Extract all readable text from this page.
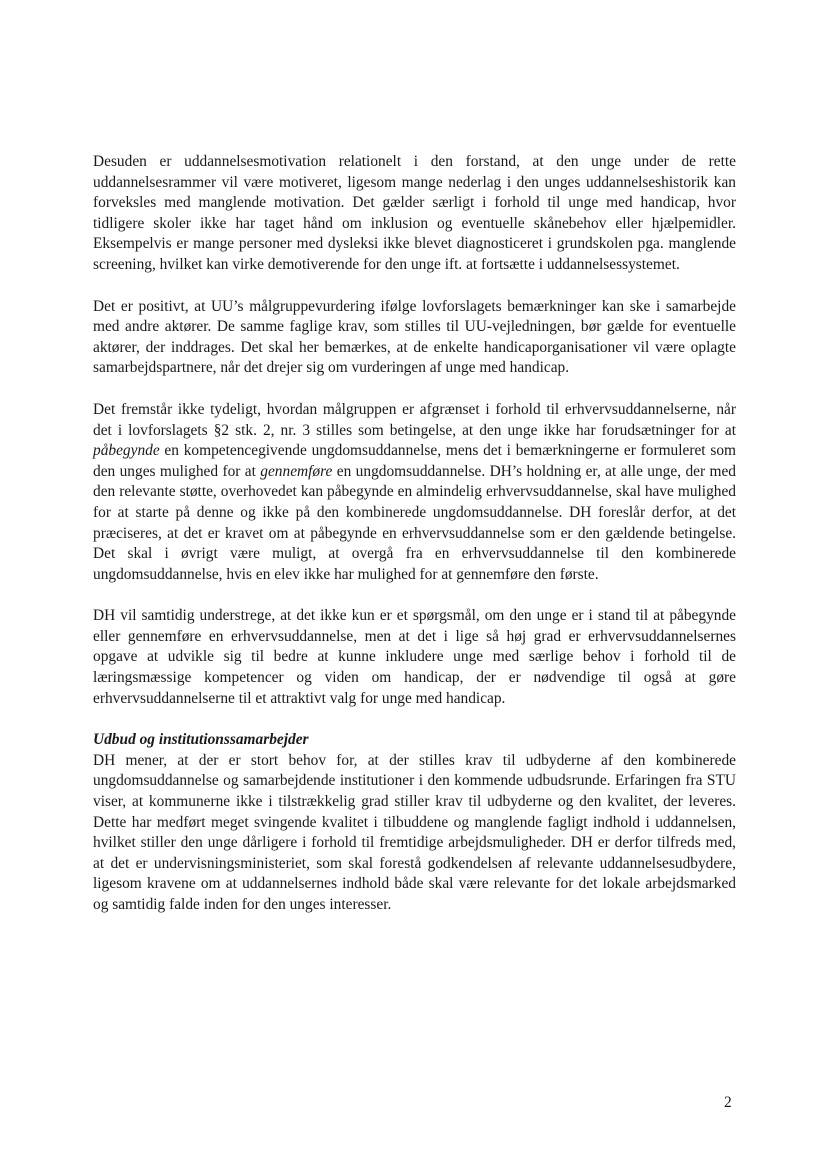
Desuden er uddannelsesmotivation relationelt i den forstand, at den unge under de rette uddannelsesrammer vil være motiveret, ligesom mange nederlag i den unges uddannelseshistorik kan forveksles med manglende motivation. Det gælder særligt i forhold til unge med handicap, hvor tidligere skoler ikke har taget hånd om inklusion og eventuelle skånebehov eller hjælpemidler. Eksempelvis er mange personer med dysleksi ikke blevet diagnosticeret i grundskolen pga. manglende screening, hvilket kan virke demotiverende for den unge ift. at fortsætte i uddannelsessystemet.

Det er positivt, at UU’s målgruppevurdering ifølge lovforslagets bemærkninger kan ske i samarbejde med andre aktører. De samme faglige krav, som stilles til UU-vejledningen, bør gælde for eventuelle aktører, der inddrages. Det skal her bemærkes, at de enkelte handicaporganisationer vil være oplagte samarbejdspartnere, når det drejer sig om vurderingen af unge med handicap.

Det fremstår ikke tydeligt, hvordan målgruppen er afgrænset i forhold til erhvervsuddannelserne, når det i lovforslagets §2 stk. 2, nr. 3 stilles som betingelse, at den unge ikke har forudsætninger for at påbegynde en kompetencegivende ungdomsuddannelse, mens det i bemærkningerne er formuleret som den unges mulighed for at gennemføre en ungdomsuddannelse. DH’s holdning er, at alle unge, der med den relevante støtte, overhovedet kan påbegynde en almindelig erhvervsuddannelse, skal have mulighed for at starte på denne og ikke på den kombinerede ungdomsuddannelse. DH foreslår derfor, at det præciseres, at det er kravet om at påbegynde en erhvervsuddannelse som er den gældende betingelse. Det skal i øvrigt være muligt, at overgå fra en erhvervsuddannelse til den kombinerede ungdomsuddannelse, hvis en elev ikke har mulighed for at gennemføre den første.

DH vil samtidig understrege, at det ikke kun er et spørgsmål, om den unge er i stand til at påbegynde eller gennemføre en erhvervsuddannelse, men at det i lige så høj grad er erhvervsuddannelsernes opgave at udvikle sig til bedre at kunne inkludere unge med særlige behov i forhold til de læringsmæssige kompetencer og viden om handicap, der er nødvendige til også at gøre erhvervsuddannelserne til et attraktivt valg for unge med handicap.

Udbud og institutionssamarbejder

DH mener, at der er stort behov for, at der stilles krav til udbyderne af den kombinerede ungdomsuddannelse og samarbejdende institutioner i den kommende udbudsrunde. Erfaringen fra STU viser, at kommunerne ikke i tilstrækkelig grad stiller krav til udbyderne og den kvalitet, der leveres. Dette har medført meget svingende kvalitet i tilbuddene og manglende fagligt indhold i uddannelsen, hvilket stiller den unge dårligere i forhold til fremtidige arbejdsmuligheder. DH er derfor tilfreds med, at det er undervisningsministeriet, som skal forestå godkendelsen af relevante uddannelsesudbydere, ligesom kravene om at uddannelsernes indhold både skal være relevante for det lokale arbejdsmarked og samtidig falde inden for den unges interesser.

2
